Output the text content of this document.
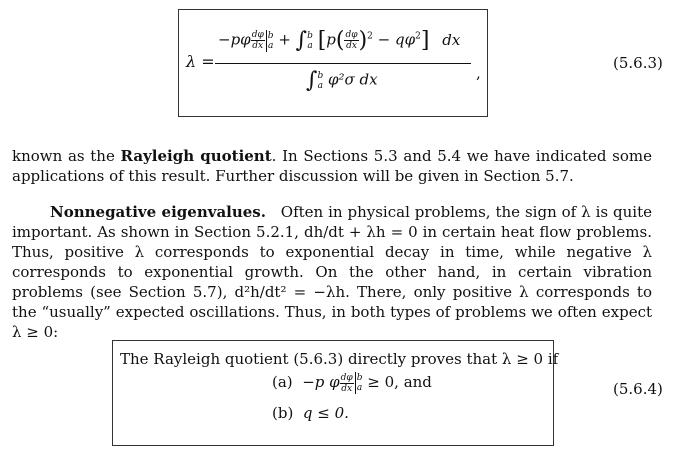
λ =
$-p\varphi \frac{d\varphi}{dx}$ b
a + ∫ b
a $[p( \frac{d\varphi}{dx} )^2 - q\varphi^2]$ dx
∫ b
a φ²σ dx	,
(5.6.3)
known as the Rayleigh quotient. In Sections 5.3 and 5.4 we have indicated some applications of this result. Further discussion will be given in Section 5.7.
Nonnegative eigenvalues. Often in physical problems, the sign of λ is quite important. As shown in Section 5.2.1, dh/dt + λh = 0 in certain heat flow problems. Thus, positive λ corresponds to exponential decay in time, while negative λ corresponds to exponential growth. On the other hand, in certain vibration problems (see Section 5.7), d²h/dt² = −λh. There, only positive λ corresponds to the “usually” expected oscillations. Thus, in both types of problems we often expect λ ≥ 0:
The Rayleigh quotient (5.6.3) directly proves that λ ≥ 0 if
(a) −p φ $\frac{d\varphi}{dx}$ b
a ≥ 0, and
(b) q ≤ 0.
(5.6.4)
